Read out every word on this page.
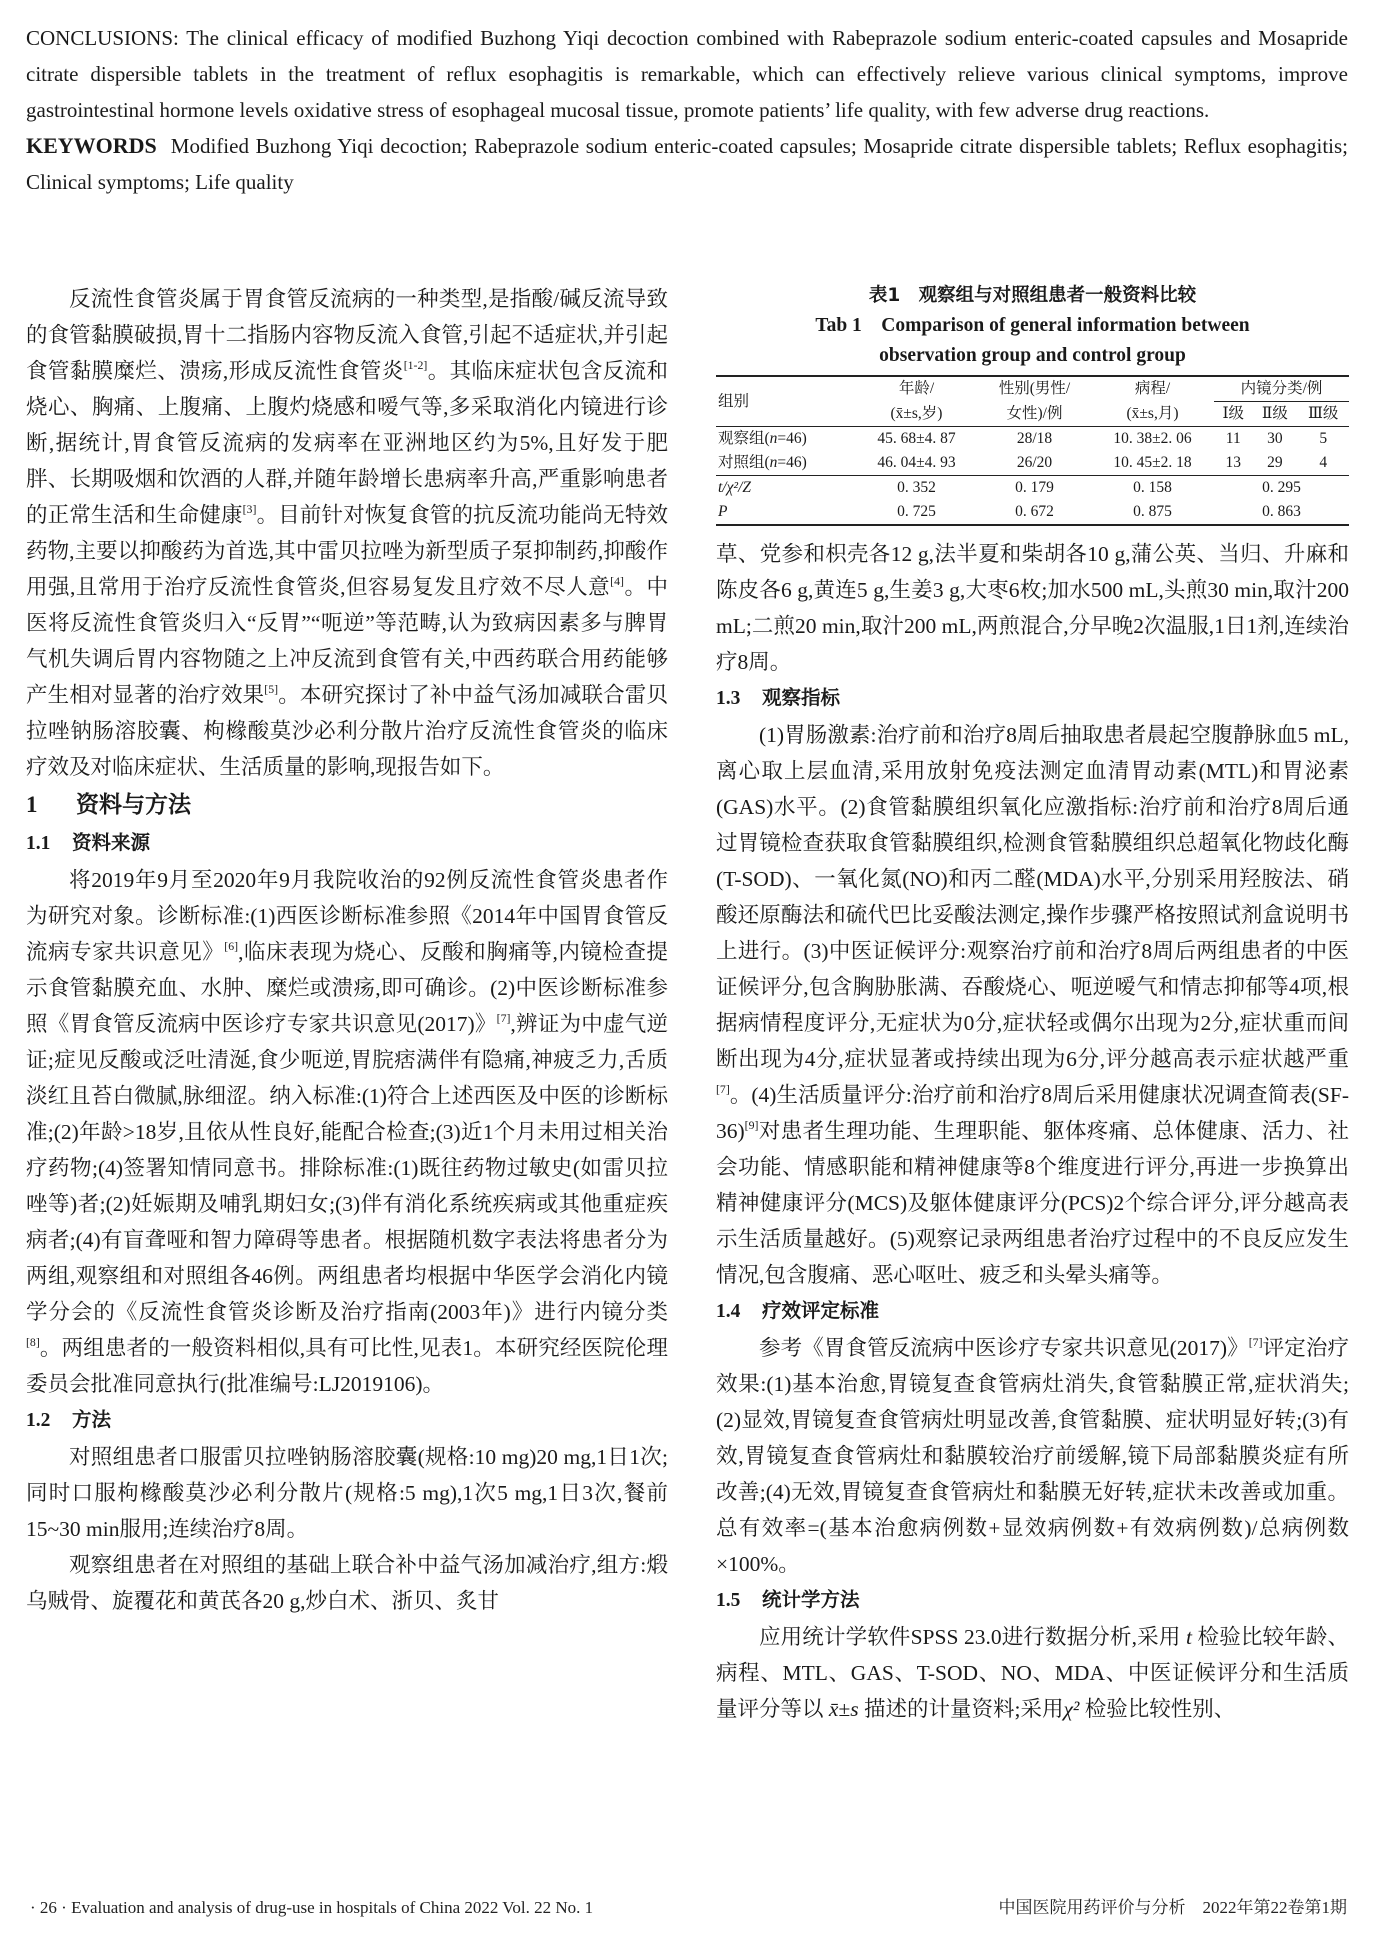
CONCLUSIONS: The clinical efficacy of modified Buzhong Yiqi decoction combined with Rabeprazole sodium enteric-coated capsules and Mosapride citrate dispersible tablets in the treatment of reflux esophagitis is remarkable, which can effectively relieve various clinical symptoms, improve gastrointestinal hormone levels oxidative stress of esophageal mucosal tissue, promote patients’ life quality, with few adverse drug reactions.

KEYWORDS Modified Buzhong Yiqi decoction; Rabeprazole sodium enteric-coated capsules; Mosapride citrate dispersible tablets; Reflux esophagitis; Clinical symptoms; Life quality

反流性食管炎属于胃食管反流病的一种类型,是指酸/碱反流导致的食管黏膜破损,胃十二指肠内容物反流入食管,引起不适症状,并引起食管黏膜糜烂、溃疡,形成反流性食管炎[1-2]。其临床症状包含反流和烧心、胸痛、上腹痛、上腹灼烧感和嗳气等,多采取消化内镜进行诊断,据统计,胃食管反流病的发病率在亚洲地区约为5%,且好发于肥胖、长期吸烟和饮酒的人群,并随年龄增长患病率升高,严重影响患者的正常生活和生命健康[3]。目前针对恢复食管的抗反流功能尚无特效药物,主要以抑酸药为首选,其中雷贝拉唑为新型质子泵抑制药,抑酸作用强,且常用于治疗反流性食管炎,但容易复发且疗效不尽人意[4]。中医将反流性食管炎归入“反胃”“呃逆”等范畴,认为致病因素多与脾胃气机失调后胃内容物随之上冲反流到食管有关,中西药联合用药能够产生相对显著的治疗效果[5]。本研究探讨了补中益气汤加减联合雷贝拉唑钠肠溶胶囊、枸橼酸莫沙必利分散片治疗反流性食管炎的临床疗效及对临床症状、生活质量的影响,现报告如下。

1 资料与方法
1.1 资料来源

将2019年9月至2020年9月我院收治的92例反流性食管炎患者作为研究对象。诊断标准:(1)西医诊断标准参照《2014年中国胃食管反流病专家共识意见》[6],临床表现为烧心、反酸和胸痛等,内镜检查提示食管黏膜充血、水肿、糜烂或溃疡,即可确诊。(2)中医诊断标准参照《胃食管反流病中医诊疗专家共识意见(2017)》[7],辨证为中虚气逆证;症见反酸或泛吐清涎,食少呃逆,胃脘痞满伴有隐痛,神疲乏力,舌质淡红且苔白微腻,脉细涩。纳入标准:(1)符合上述西医及中医的诊断标准;(2)年龄>18岁,且依从性良好,能配合检查;(3)近1个月未用过相关治疗药物;(4)签署知情同意书。排除标准:(1)既往药物过敏史(如雷贝拉唑等)者;(2)妊娠期及哺乳期妇女;(3)伴有消化系统疾病或其他重症疾病者;(4)有盲聋哑和智力障碍等患者。根据随机数字表法将患者分为两组,观察组和对照组各46例。两组患者均根据中华医学会消化内镜学分会的《反流性食管炎诊断及治疗指南(2003年)》进行内镜分类[8]。两组患者的一般资料相似,具有可比性,见表1。本研究经医院伦理委员会批准同意执行(批准编号:LJ2019106)。

1.2 方法

对照组患者口服雷贝拉唑钠肠溶胶囊(规格:10 mg)20 mg,1日1次;同时口服枸橼酸莫沙必利分散片(规格:5 mg),1次5 mg,1日3次,餐前15~30 min服用;连续治疗8周。

观察组患者在对照组的基础上联合补中益气汤加减治疗,组方:煅乌贼骨、旋覆花和黄芪各20 g,炒白术、浙贝、炙甘

表1　观察组与对照组患者一般资料比较

Tab 1　Comparison of general information between

observation group and control group

组别	年龄/	性别(男性/	病程/	内镜分类/例		
	(x̄±s,岁)	女性)/例	(x̄±s,月)	Ⅰ级	Ⅱ级	Ⅲ级
观察组(n=46)	45. 68±4. 87	28/18	10. 38±2. 06	11	30	5
对照组(n=46)	46. 04±4. 93	26/20	10. 45±2. 18	13	29	4
t/χ²/Z	0. 352	0. 179	0. 158	0. 295		
P	0. 725	0. 672	0. 875	0. 863		

草、党参和枳壳各12 g,法半夏和柴胡各10 g,蒲公英、当归、升麻和陈皮各6 g,黄连5 g,生姜3 g,大枣6枚;加水500 mL,头煎30 min,取汁200 mL;二煎20 min,取汁200 mL,两煎混合,分早晚2次温服,1日1剂,连续治疗8周。

1.3 观察指标

(1)胃肠激素:治疗前和治疗8周后抽取患者晨起空腹静脉血5 mL,离心取上层血清,采用放射免疫法测定血清胃动素(MTL)和胃泌素(GAS)水平。(2)食管黏膜组织氧化应激指标:治疗前和治疗8周后通过胃镜检查获取食管黏膜组织,检测食管黏膜组织总超氧化物歧化酶(T-SOD)、一氧化氮(NO)和丙二醛(MDA)水平,分别采用羟胺法、硝酸还原酶法和硫代巴比妥酸法测定,操作步骤严格按照试剂盒说明书上进行。(3)中医证候评分:观察治疗前和治疗8周后两组患者的中医证候评分,包含胸胁胀满、吞酸烧心、呃逆嗳气和情志抑郁等4项,根据病情程度评分,无症状为0分,症状轻或偶尔出现为2分,症状重而间断出现为4分,症状显著或持续出现为6分,评分越高表示症状越严重[7]。(4)生活质量评分:治疗前和治疗8周后采用健康状况调查简表(SF-36)[9]对患者生理功能、生理职能、躯体疼痛、总体健康、活力、社会功能、情感职能和精神健康等8个维度进行评分,再进一步换算出精神健康评分(MCS)及躯体健康评分(PCS)2个综合评分,评分越高表示生活质量越好。(5)观察记录两组患者治疗过程中的不良反应发生情况,包含腹痛、恶心呕吐、疲乏和头晕头痛等。

1.4 疗效评定标准

参考《胃食管反流病中医诊疗专家共识意见(2017)》[7]评定治疗效果:(1)基本治愈,胃镜复查食管病灶消失,食管黏膜正常,症状消失;(2)显效,胃镜复查食管病灶明显改善,食管黏膜、症状明显好转;(3)有效,胃镜复查食管病灶和黏膜较治疗前缓解,镜下局部黏膜炎症有所改善;(4)无效,胃镜复查食管病灶和黏膜无好转,症状未改善或加重。总有效率=(基本治愈病例数+显效病例数+有效病例数)/总病例数×100%。

1.5 统计学方法

应用统计学软件SPSS 23.0进行数据分析,采用 t 检验比较年龄、病程、MTL、GAS、T-SOD、NO、MDA、中医证候评分和生活质量评分等以 x̄±s 描述的计量资料;采用χ² 检验比较性别、

· 26 · Evaluation and analysis of drug-use in hospitals of China 2022 Vol. 22 No. 1	中国医院用药评价与分析　2022年第22卷第1期
